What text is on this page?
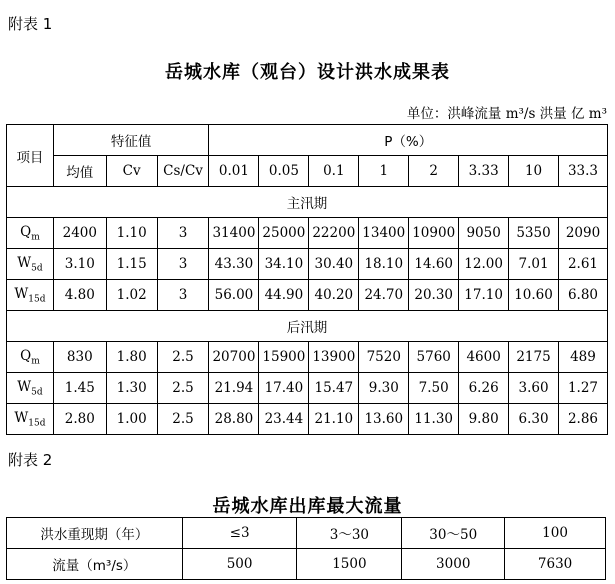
附表 1
岳城水库（观台）设计洪水成果表
单位：洪峰流量 m³/s 洪量 亿 m³
项目	特征值			P（%）							
	均值	Cv	Cs/Cv	0.01	0.05	0.1	1	2	3.33	10	33.3
主汛期											
$Q_m$	2400	1.10	3	31400	25000	22200	13400	10900	9050	5350	2090
$W_{5d}$	3.10	1.15	3	43.30	34.10	30.40	18.10	14.60	12.00	7.01	2.61
$W_{15d}$	4.80	1.02	3	56.00	44.90	40.20	24.70	20.30	17.10	10.60	6.80
后汛期											
$Q_m$	830	1.80	2.5	20700	15900	13900	7520	5760	4600	2175	489
$W_{5d}$	1.45	1.30	2.5	21.94	17.40	15.47	9.30	7.50	6.26	3.60	1.27
$W_{15d}$	2.80	1.00	2.5	28.80	23.44	21.10	13.60	11.30	9.80	6.30	2.86
附表 2
岳城水库出库最大流量
洪水重现期（年）	≤3	3～30	30～50	100
流量（m³/s）	500	1500	3000	7630
